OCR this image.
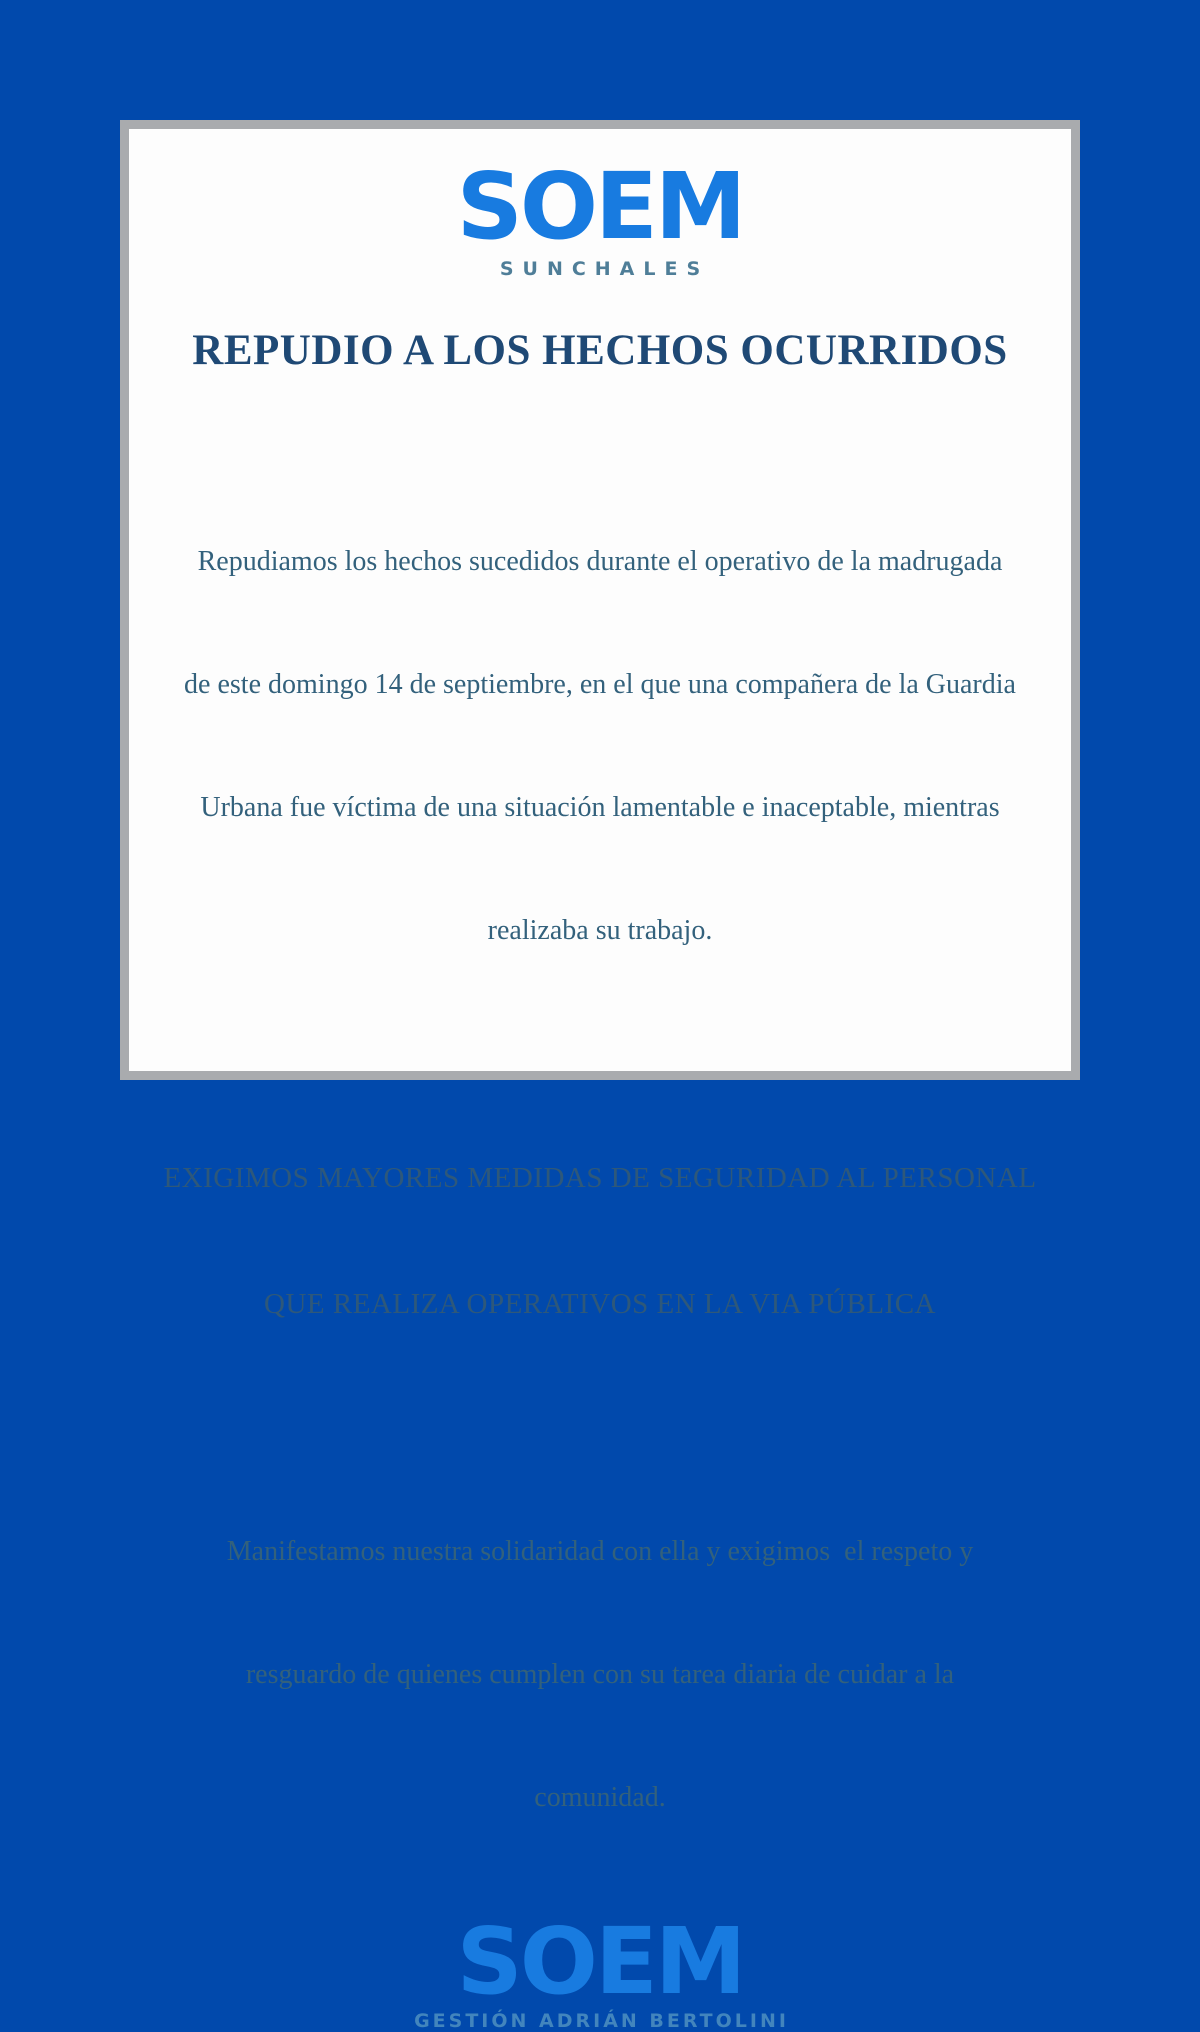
SOEM
SUNCHALES
REPUDIO A LOS HECHOS OCURRIDOS

Repudiamos los hechos sucedidos durante el operativo de la madrugada

de este domingo 14 de septiembre, en el que una compañera de la Guardia

Urbana fue víctima de una situación lamentable e inaceptable, mientras

realizaba su trabajo.

EXIGIMOS MAYORES MEDIDAS DE SEGURIDAD AL PERSONAL

QUE REALIZA OPERATIVOS EN LA VIA PÚBLICA

Manifestamos nuestra solidaridad con ella y exigimos  el respeto y

resguardo de quienes cumplen con su tarea diaria de cuidar a la

comunidad.

SOEM
GESTIÓN ADRIÁN BERTOLINI
